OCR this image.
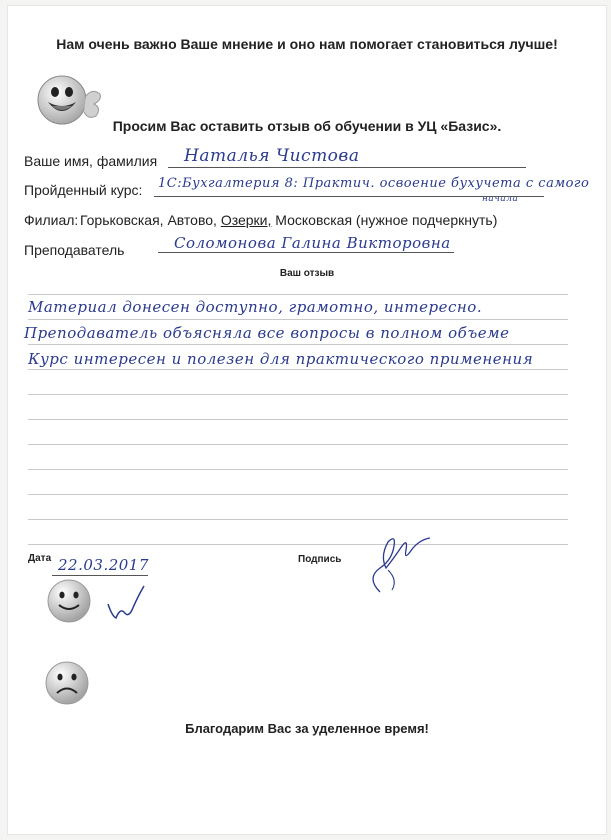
Нам очень важно Ваше мнение и оно нам помогает становиться лучше!
Просим Вас оставить отзыв об обучении в УЦ «Базис».
Ваше имя, фамилия Наталья Чистова
Пройденный курс: 1С:Бухгалтерия 8: Практич. освоение бухучета с самого
начала
Филиал: Горьковская, Автово, Озерки, Московская (нужное подчеркнуть)
Преподаватель	Соломонова Галина Викторовна
Ваш отзыв
Материал донесен доступно, грамотно, интересно.
Преподаватель объясняла все вопросы в полном объеме
Курс интересен и полезен для практического применения
Дата 22.03.2017	Подпись
Благодарим Вас за уделенное время!
